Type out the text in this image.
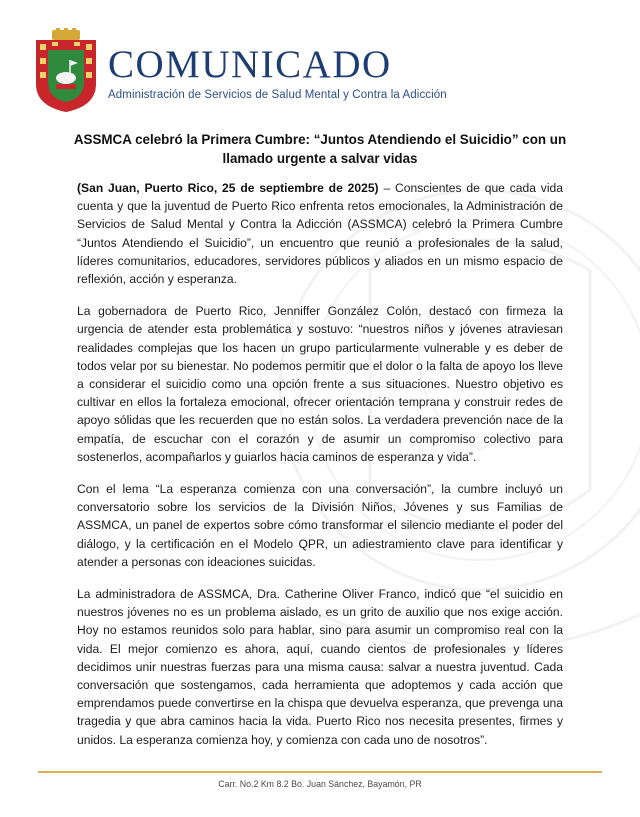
COMUNICADO
Administración de Servicios de Salud Mental y Contra la Adicción
ASSMCA celebró la Primera Cumbre: “Juntos Atendiendo el Suicidio” con un llamado urgente a salvar vidas

(San Juan, Puerto Rico, 25 de septiembre de 2025) – Conscientes de que cada vida cuenta y que la juventud de Puerto Rico enfrenta retos emocionales, la Administración de Servicios de Salud Mental y Contra la Adicción (ASSMCA) celebró la Primera Cumbre “Juntos Atendiendo el Suicidio”, un encuentro que reunió a profesionales de la salud, líderes comunitarios, educadores, servidores públicos y aliados en un mismo espacio de reflexión, acción y esperanza.

La gobernadora de Puerto Rico, Jenniffer González Colón, destacó con firmeza la urgencia de atender esta problemática y sostuvo: “nuestros niños y jóvenes atraviesan realidades complejas que los hacen un grupo particularmente vulnerable y es deber de todos velar por su bienestar. No podemos permitir que el dolor o la falta de apoyo los lleve a considerar el suicidio como una opción frente a sus situaciones. Nuestro objetivo es cultivar en ellos la fortaleza emocional, ofrecer orientación temprana y construir redes de apoyo sólidas que les recuerden que no están solos. La verdadera prevención nace de la empatía, de escuchar con el corazón y de asumir un compromiso colectivo para sostenerlos, acompañarlos y guiarlos hacia caminos de esperanza y vida”.

Con el lema “La esperanza comienza con una conversación”, la cumbre incluyó un conversatorio sobre los servicios de la División Niños, Jóvenes y sus Familias de ASSMCA, un panel de expertos sobre cómo transformar el silencio mediante el poder del diálogo, y la certificación en el Modelo QPR, un adiestramiento clave para identificar y atender a personas con ideaciones suicidas.

La administradora de ASSMCA, Dra. Catherine Oliver Franco, indicó que “el suicidio en nuestros jóvenes no es un problema aislado, es un grito de auxilio que nos exige acción. Hoy no estamos reunidos solo para hablar, sino para asumir un compromiso real con la vida. El mejor comienzo es ahora, aquí, cuando cientos de profesionales y líderes decidimos unir nuestras fuerzas para una misma causa: salvar a nuestra juventud. Cada conversación que sostengamos, cada herramienta que adoptemos y cada acción que emprendamos puede convertirse en la chispa que devuelva esperanza, que prevenga una tragedia y que abra caminos hacia la vida. Puerto Rico nos necesita presentes, firmes y unidos. La esperanza comienza hoy, y comienza con cada uno de nosotros”.

Carr. No.2 Km 8.2 Bo. Juan Sánchez, Bayamón, PR
